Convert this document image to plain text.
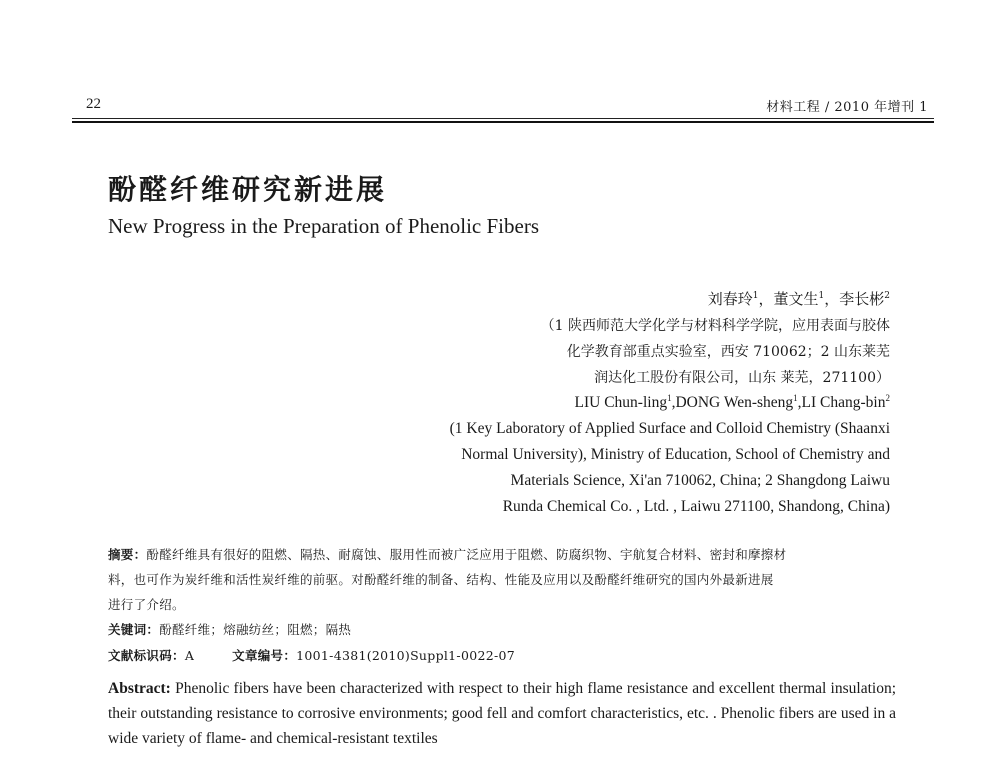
22	材料工程 / 2010 年增刊 1
酚醛纤维研究新进展
New Progress in the Preparation of Phenolic Fibers
刘春玲$^1$，董文生$^1$，李长彬$^2$
（1 陕西师范大学化学与材料科学学院，应用表面与胶体
化学教育部重点实验室，西安 710062；2 山东莱芜
润达化工股份有限公司，山东 莱芜，271100）
LIU Chun-ling$^1$,DONG Wen-sheng$^1$,LI Chang-bin$^2$
(1 Key Laboratory of Applied Surface and Colloid Chemistry (Shaanxi
Normal University), Ministry of Education, School of Chemistry and
Materials Science, Xi'an 710062, China; 2 Shangdong Laiwu
Runda Chemical Co. , Ltd. , Laiwu 271100, Shandong, China)
摘要：酚醛纤维具有很好的阻燃、隔热、耐腐蚀、服用性而被广泛应用于阻燃、防腐织物、宇航复合材料、密封和摩擦材
料，也可作为炭纤维和活性炭纤维的前驱。对酚醛纤维的制备、结构、性能及应用以及酚醛纤维研究的国内外最新进展
进行了介绍。
关键词：酚醛纤维；熔融纺丝；阻燃；隔热
文献标识码：A	文章编号：1001-4381(2010)Suppl1-0022-07
Abstract: Phenolic fibers have been characterized with respect to their high flame resistance and excellent thermal insulation; their outstanding resistance to corrosive environments; good fell and comfort characteristics, etc. . Phenolic fibers are used in a wide variety of flame- and chemical-resistant textiles
